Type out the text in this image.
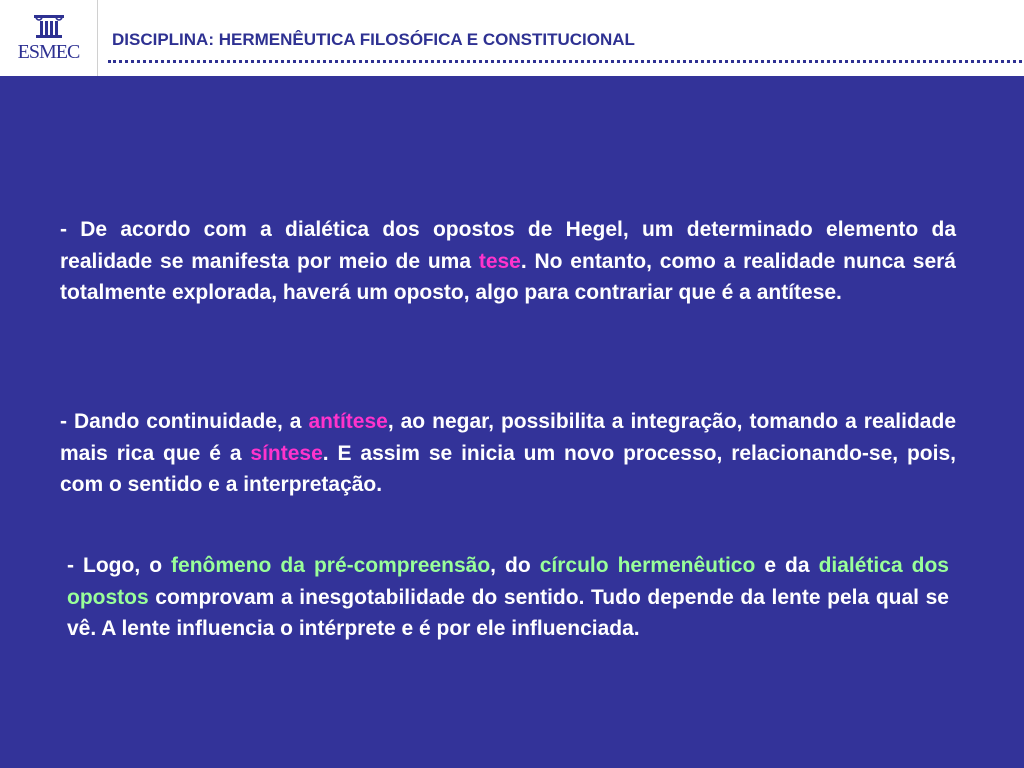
ESMEC
DISCIPLINA: HERMENÊUTICA FILOSÓFICA E CONSTITUCIONAL

- De acordo com a dialética dos opostos de Hegel, um determinado elemento da realidade se manifesta por meio de uma tese. No entanto, como a realidade nunca será totalmente explorada, haverá um oposto, algo para contrariar que é a antítese.

- Dando continuidade, a antítese, ao negar, possibilita a integração, tomando a realidade mais rica que é a síntese. E assim se inicia um novo processo, relacionando-se, pois, com o sentido e a interpretação.

- Logo, o fenômeno da pré-compreensão, do círculo hermenêutico e da dialética dos opostos comprovam a inesgotabilidade do sentido. Tudo depende da lente pela qual se vê. A lente influencia o intérprete e é por ele influenciada.
